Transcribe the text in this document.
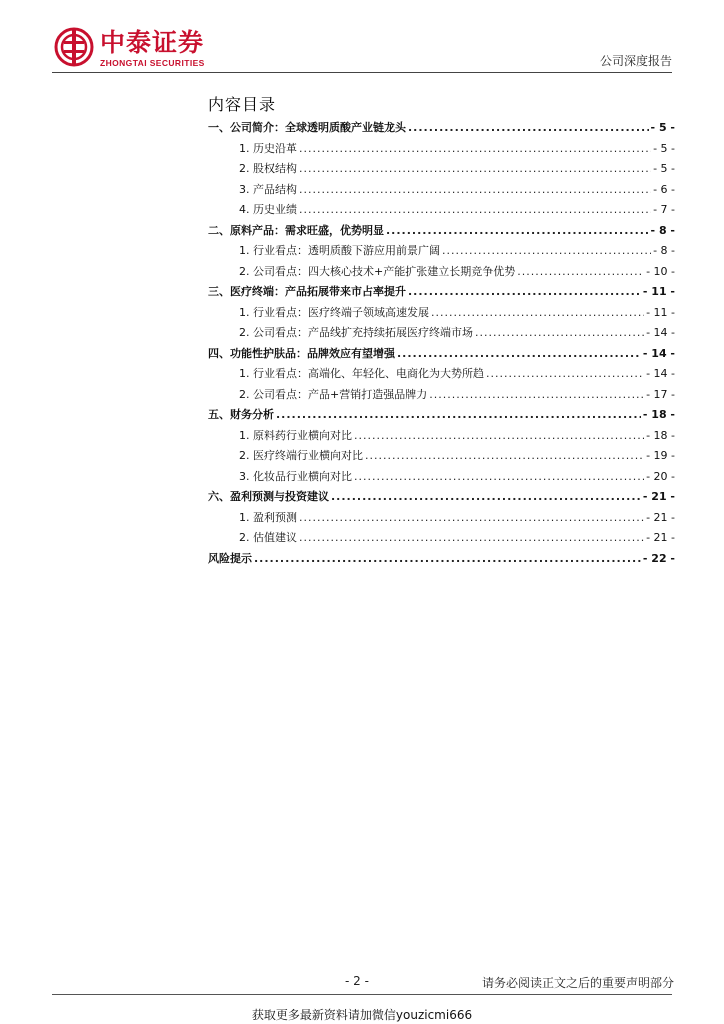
中泰证券
ZHONGTAI SECURITIES	公司深度报告
内容目录
一、 公司简介：全球透明质酸产业链龙头 .....	- 5 -
1. 历史沿革 .....	- 5 -
2. 股权结构 .....	- 5 -
3. 产品结构 .....	- 6 -
4. 历史业绩 .....	- 7 -
二、 原料产品：需求旺盛，优势明显 .....	- 8 -
1. 行业看点：透明质酸下游应用前景广阔 .....	- 8 -
2. 公司看点：四大核心技术+产能扩张建立长期竞争优势 .....	- 10 -
三、 医疗终端：产品拓展带来市占率提升 .....	- 11 -
1. 行业看点：医疗终端子领域高速发展 .....	- 11 -
2. 公司看点：产品线扩充持续拓展医疗终端市场 .....	- 14 -
四、 功能性护肤品：品牌效应有望增强 .....	- 14 -
1. 行业看点：高端化、年轻化、电商化为大势所趋 .....	- 14 -
2. 公司看点：产品+营销打造强品牌力 .....	- 17 -
五、 财务分析 .....	- 18 -
1. 原料药行业横向对比 .....	- 18 -
2. 医疗终端行业横向对比 .....	- 19 -
3. 化妆品行业横向对比 .....	- 20 -
六、 盈利预测与投资建议 .....	- 21 -
1. 盈利预测 .....	- 21 -
2. 估值建议 .....	- 21 -
风险提示 .....	- 22 -
- 2 -	请务必阅读正文之后的重要声明部分
获取更多最新资料请加微信youzicmi666
